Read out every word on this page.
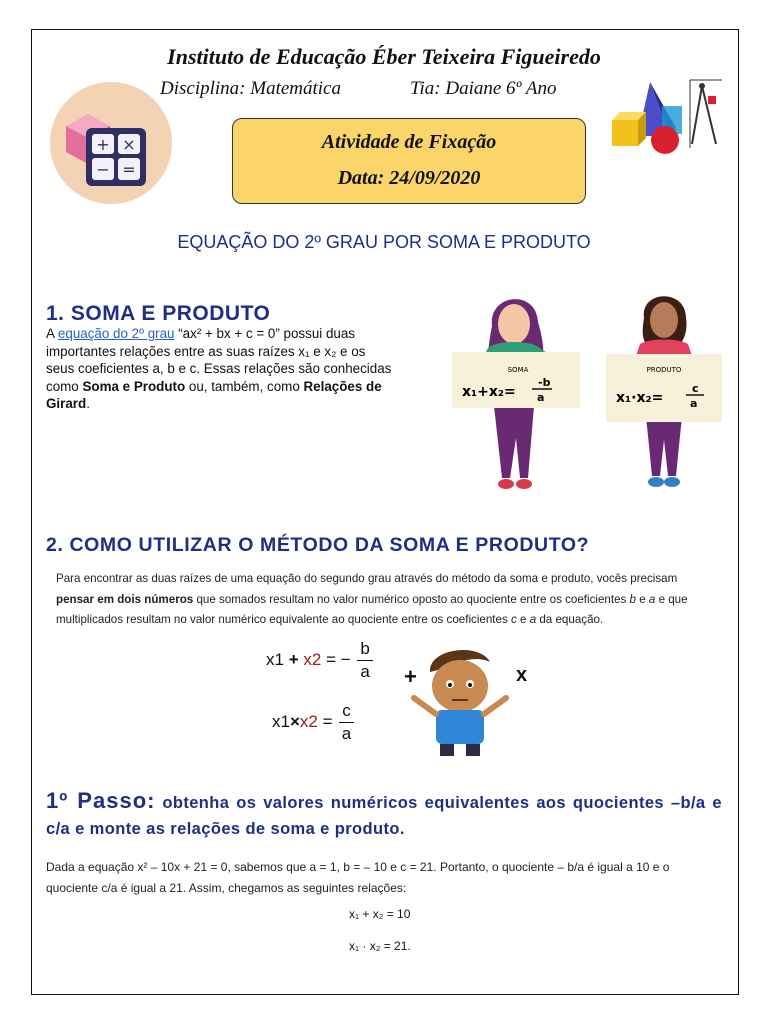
Instituto de Educação Éber Teixeira Figueiredo
Disciplina: Matemática	Tia: Daiane 6º Ano
+ ×
− =
Atividade de Fixação
Data: 24/09/2020
EQUAÇÃO DO 2º GRAU POR SOMA E PRODUTO
1. SOMA E PRODUTO
A equação do 2º grau “ax² + bx + c = 0” possui duas importantes relações entre as suas raízes x₁ e x₂ e os seus coeficientes a, b e c. Essas relações são conhecidas como Soma e Produto ou, também, como Relações de Girard.
SOMA
x₁+x₂=
-b
a
PRODUTO
x₁·x₂=
c
a
2. COMO UTILIZAR O MÉTODO DA SOMA E PRODUTO?
Para encontrar as duas raízes de uma equação do segundo grau através do método da soma e produto, vocês precisam pensar em dois números que somados resultam no valor numérico oposto ao quociente entre os coeficientes b e a e que multiplicados resultam no valor numérico equivalente ao quociente entre os coeficientes c e a da equação.
x1 + x2 = − $\frac{b}{a}$
$x1\times x2 = \frac{c}{a}$
+	x
1º Passo: obtenha os valores numéricos equivalentes aos quocientes –b/a e c/a e monte as relações de soma e produto.
Dada a equação x² – 10x + 21 = 0, sabemos que a = 1, b = – 10 e c = 21. Portanto, o quociente – b/a é igual a 10 e o quociente c/a é igual a 21. Assim, chegamos as seguintes relações:
x₁ + x₂ = 10
x₁ · x₂ = 21.
